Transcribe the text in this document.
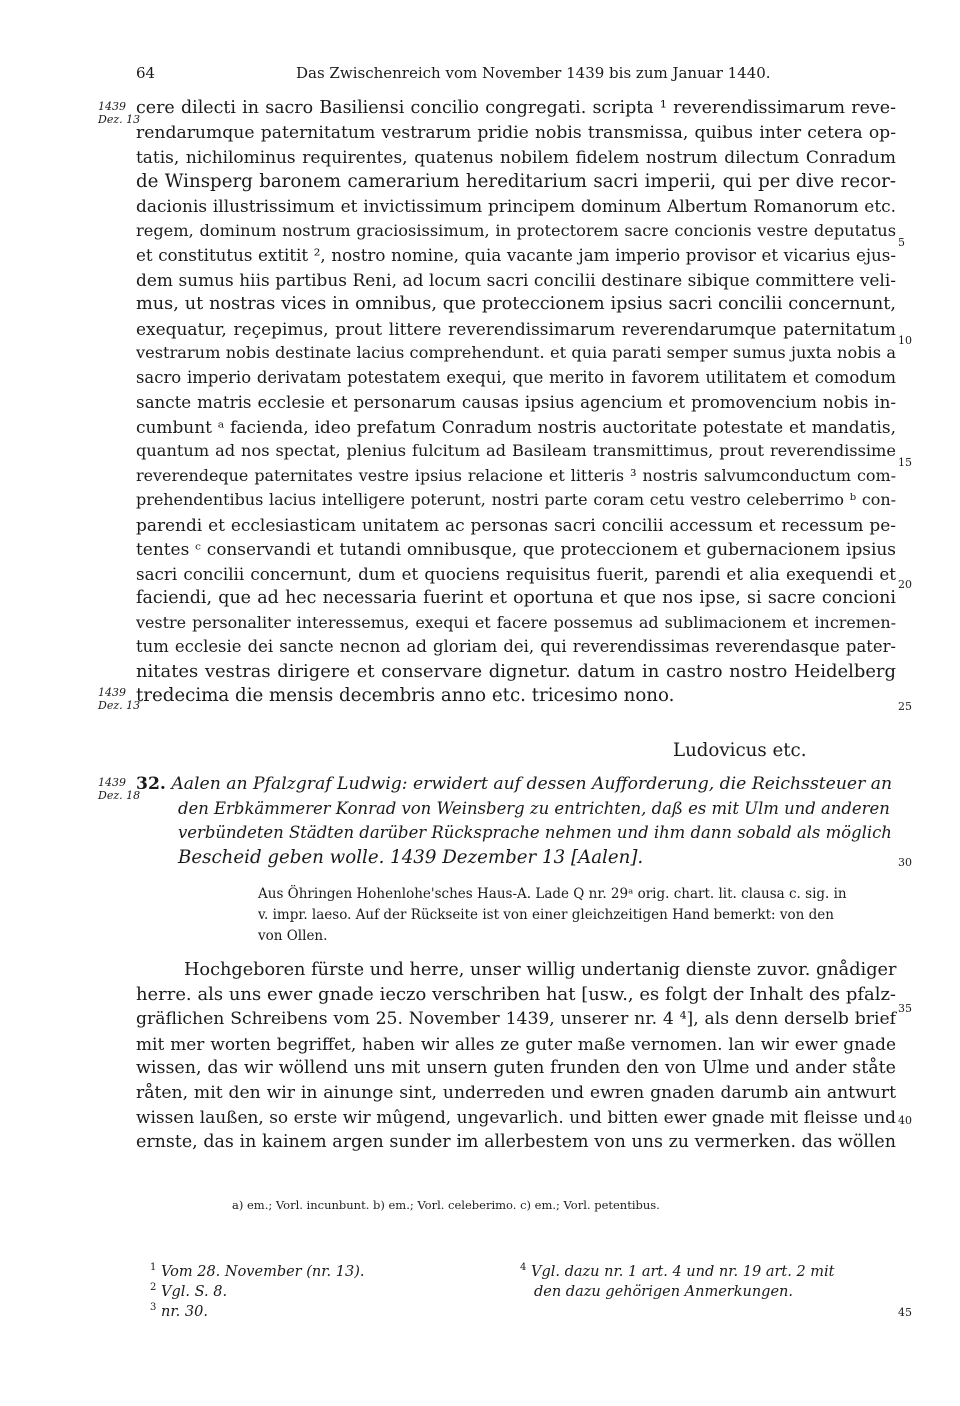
64	Das Zwischenreich vom November 1439 bis zum Januar 1440.
1439
Dez. 13
1439
Dez. 13
1439
Dez. 18
5
10
15
20
25
30
35
40
45
cere dilecti in sacro Basiliensi concilio congregati. scripta ¹ reverendissimarum reve-
rendarumque paternitatum vestrarum pridie nobis transmissa, quibus inter cetera op-
tatis, nichilominus requirentes, quatenus nobilem fidelem nostrum dilectum Conradum
de Winsperg baronem camerarium hereditarium sacri imperii, qui per dive recor-
dacionis illustrissimum et invictissimum principem dominum Albertum Romanorum etc.
regem, dominum nostrum graciosissimum, in protectorem sacre concionis vestre deputatus
et constitutus extitit ², nostro nomine, quia vacante jam imperio provisor et vicarius ejus-
dem sumus hiis partibus Reni, ad locum sacri concilii destinare sibique committere veli-
mus, ut nostras vices in omnibus, que proteccionem ipsius sacri concilii concernunt,
exequatur, reçepimus, prout littere reverendissimarum reverendarumque paternitatum
vestrarum nobis destinate lacius comprehendunt. et quia parati semper sumus juxta nobis a
sacro imperio derivatam potestatem exequi, que merito in favorem utilitatem et comodum
sancte matris ecclesie et personarum causas ipsius agencium et promovencium nobis in-
cumbunt ᵃ facienda, ideo prefatum Conradum nostris auctoritate potestate et mandatis,
quantum ad nos spectat, plenius fulcitum ad Basileam transmittimus, prout reverendissime
reverendeque paternitates vestre ipsius relacione et litteris ³ nostris salvumconductum com-
prehendentibus lacius intelligere poterunt, nostri parte coram cetu vestro celeberrimo ᵇ con-
parendi et ecclesiasticam unitatem ac personas sacri concilii accessum et recessum pe-
tentes ᶜ conservandi et tutandi omnibusque, que proteccionem et gubernacionem ipsius
sacri concilii concernunt, dum et quociens requisitus fuerit, parendi et alia exequendi et
faciendi, que ad hec necessaria fuerint et oportuna et que nos ipse, si sacre concioni
vestre personaliter interessemus, exequi et facere possemus ad sublimacionem et incremen-
tum ecclesie dei sancte necnon ad gloriam dei, qui reverendissimas reverendasque pater-
nitates vestras dirigere et conservare dignetur. datum in castro nostro Heidelberg
tredecima die mensis decembris anno etc. tricesimo nono.
Ludovicus etc.
32. Aalen an Pfalzgraf Ludwig: erwidert auf dessen Aufforderung, die Reichssteuer an
den Erbkämmerer Konrad von Weinsberg zu entrichten, daß es mit Ulm und anderen
verbündeten Städten darüber Rücksprache nehmen und ihm dann sobald als möglich
Bescheid geben wolle. 1439 Dezember 13 [Aalen].
Aus Öhringen Hohenlohe'sches Haus-A. Lade Q nr. 29ᵃ orig. chart. lit. clausa c. sig. in
v. impr. laeso. Auf der Rückseite ist von einer gleichzeitigen Hand bemerkt: von den
von Ollen.
Hochgeboren fürste und herre, unser willig undertanig dienste zuvor. gnådiger
herre. als uns ewer gnade ieczo verschriben hat [usw., es folgt der Inhalt des pfalz-
gräflichen Schreibens vom 25. November 1439, unserer nr. 4 ⁴], als denn derselb brief
mit mer worten begriffet, haben wir alles ze guter maße vernomen. lan wir ewer gnade
wissen, das wir wöllend uns mit unsern guten frunden den von Ulme und ander ståte
råten, mit den wir in ainunge sint, underreden und ewren gnaden darumb ain antwurt
wissen laußen, so erste wir mûgend, ungevarlich. und bitten ewer gnade mit fleisse und
ernste, das in kainem argen sunder im allerbestem von uns zu vermerken. das wöllen
a) em.; Vorl. incunbunt. b) em.; Vorl. celeberimo. c) em.; Vorl. petentibus.
$^1$ Vom 28. November (nr. 13).
$^2$ Vgl. S. 8.
$^3$ nr. 30.
$^4$ Vgl. dazu nr. 1 art. 4 und nr. 19 art. 2 mit
den dazu gehörigen Anmerkungen.
